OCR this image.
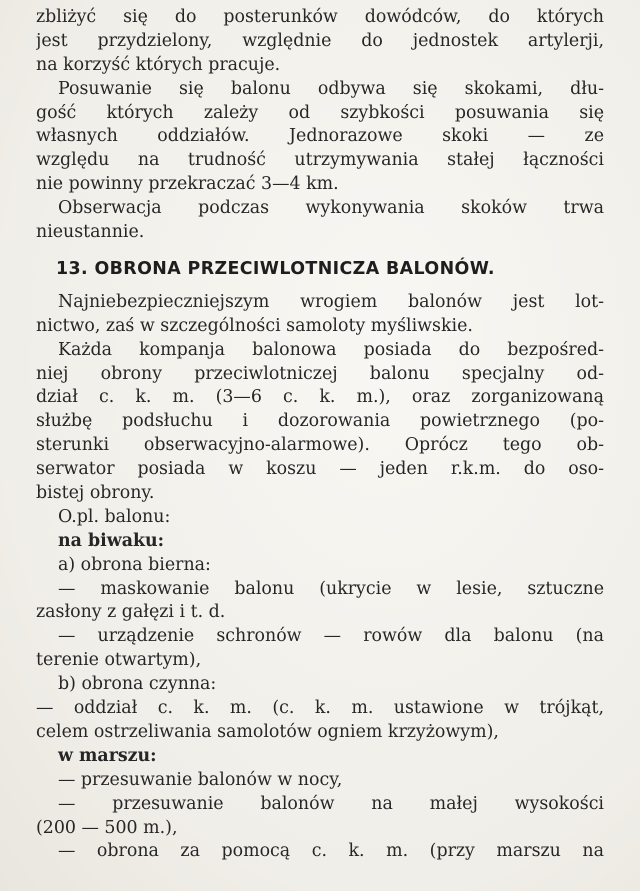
zbliżyć się do posterunków dowódców, do których
jest przydzielony, względnie do jednostek artylerji,
na korzyść których pracuje.
Posuwanie się balonu odbywa się skokami, dłu-
gość których zależy od szybkości posuwania się
własnych oddziałów. Jednorazowe skoki — ze
względu na trudność utrzymywania stałej łączności
nie powinny przekraczać 3—4 km.
Obserwacja podczas wykonywania skoków trwa
nieustannie.
13. OBRONA PRZECIWLOTNICZA BALONÓW.
Najniebezpieczniejszym wrogiem balonów jest lot-
nictwo, zaś w szczególności samoloty myśliwskie.
Każda kompanja balonowa posiada do bezpośred-
niej obrony przeciwlotniczej balonu specjalny od-
dział c. k. m. (3—6 c. k. m.), oraz zorganizowaną
służbę podsłuchu i dozorowania powietrznego (po-
sterunki obserwacyjno-alarmowe). Oprócz tego ob-
serwator posiada w koszu — jeden r.k.m. do oso-
bistej obrony.
O.pl. balonu:
na biwaku:
a) obrona bierna:
— maskowanie balonu (ukrycie w lesie, sztuczne
zasłony z gałęzi i t. d.
— urządzenie schronów — rowów dla balonu (na
terenie otwartym),
b) obrona czynna:
— oddział c. k. m. (c. k. m. ustawione w trójkąt,
celem ostrzeliwania samolotów ogniem krzyżowym),
w marszu:
— przesuwanie balonów w nocy,
— przesuwanie balonów na małej wysokości
(200 — 500 m.),
— obrona za pomocą c. k. m. (przy marszu na
